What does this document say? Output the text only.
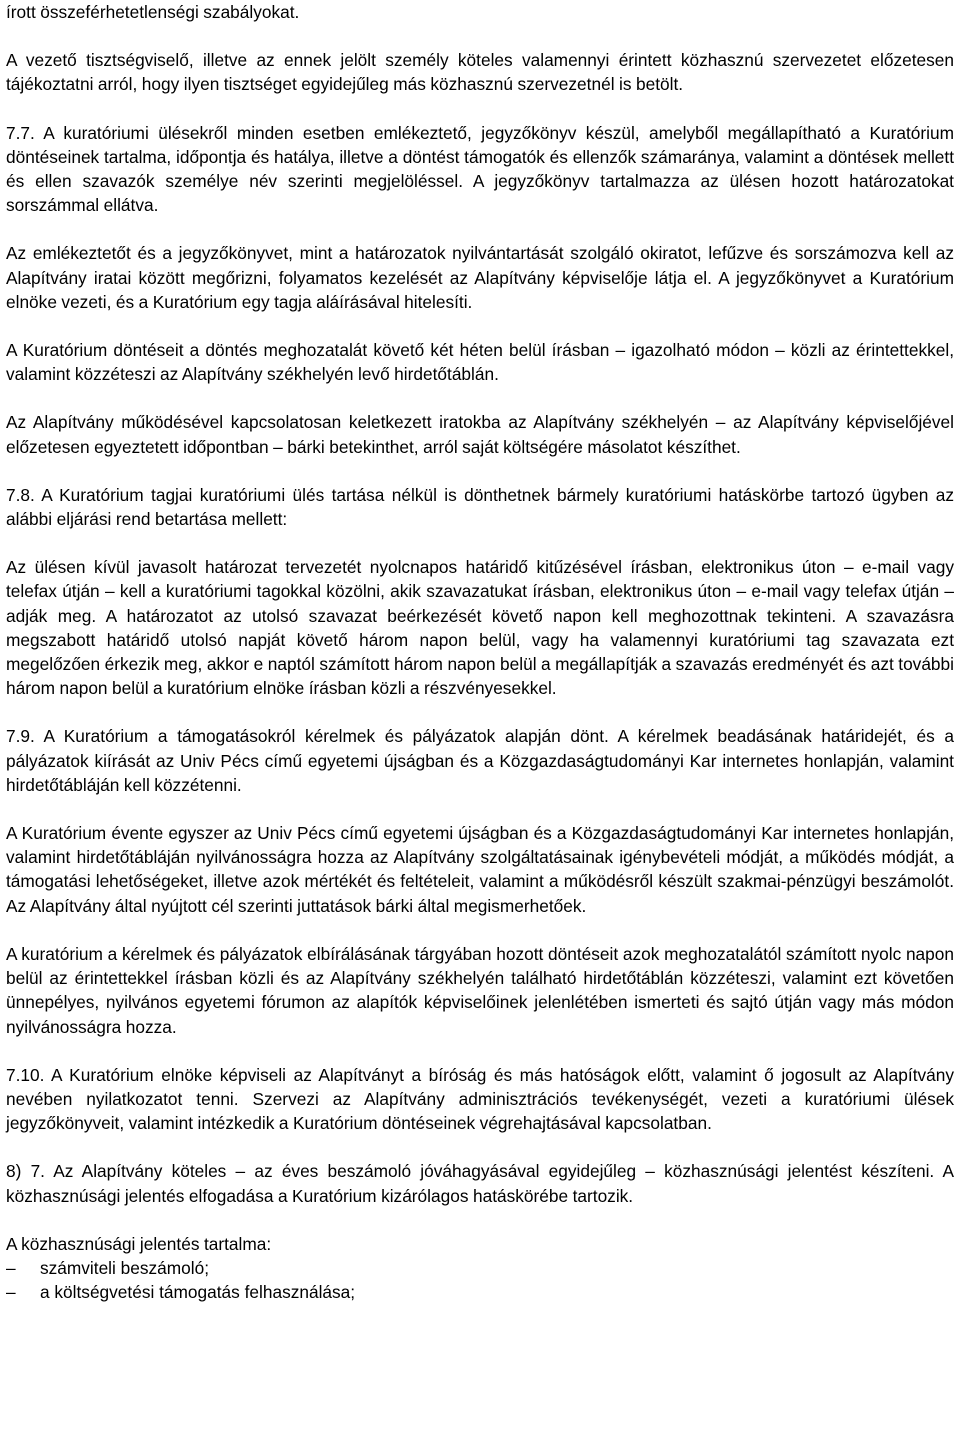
írott összeférhetetlenségi szabályokat.

A vezető tisztségviselő, illetve az ennek jelölt személy köteles valamennyi érintett közhasznú szervezetet előzetesen tájékoztatni arról, hogy ilyen tisztséget egyidejűleg más közhasznú szervezetnél is betölt.

7.7. A kuratóriumi ülésekről minden esetben emlékeztető, jegyzőkönyv készül, amelyből megállapítható a Kuratórium döntéseinek tartalma, időpontja és hatálya, illetve a döntést támogatók és ellenzők számaránya, valamint a döntések mellett és ellen szavazók személye név szerinti megjelöléssel. A jegyzőkönyv tartalmazza az ülésen hozott határozatokat sorszámmal ellátva.

Az emlékeztetőt és a jegyzőkönyvet, mint a határozatok nyilvántartását szolgáló okiratot, lefűzve és sorszámozva kell az Alapítvány iratai között megőrizni, folyamatos kezelését az Alapítvány képviselője látja el. A jegyzőkönyvet a Kuratórium elnöke vezeti, és a Kuratórium egy tagja aláírásával hitelesíti.

A Kuratórium döntéseit a döntés meghozatalát követő két héten belül írásban – igazolható módon – közli az érintettekkel, valamint közzéteszi az Alapítvány székhelyén levő hirdetőtáblán.

Az Alapítvány működésével kapcsolatosan keletkezett iratokba az Alapítvány székhelyén – az Alapítvány képviselőjével előzetesen egyeztetett időpontban – bárki betekinthet, arról saját költségére másolatot készíthet.

7.8. A Kuratórium tagjai kuratóriumi ülés tartása nélkül is dönthetnek bármely kuratóriumi hatáskörbe tartozó ügyben az alábbi eljárási rend betartása mellett:

Az ülésen kívül javasolt határozat tervezetét nyolcnapos határidő kitűzésével írásban, elektronikus úton – e-mail vagy telefax útján – kell a kuratóriumi tagokkal közölni, akik szavazatukat írásban, elektronikus úton – e-mail vagy telefax útján – adják meg. A határozatot az utolsó szavazat beérkezését követő napon kell meghozottnak tekinteni. A szavazásra megszabott határidő utolsó napját követő három napon belül, vagy ha valamennyi kuratóriumi tag szavazata ezt megelőzően érkezik meg, akkor e naptól számított három napon belül a megállapítják a szavazás eredményét és azt további három napon belül a kuratórium elnöke írásban közli a részvényesekkel.

7.9. A Kuratórium a támogatásokról kérelmek és pályázatok alapján dönt. A kérelmek beadásának határidejét, és a pályázatok kiírását az Univ Pécs című egyetemi újságban és a Közgazdaságtudományi Kar internetes honlapján, valamint hirdetőtábláján kell közzétenni.

A Kuratórium évente egyszer az Univ Pécs című egyetemi újságban és a Közgazdaságtudományi Kar internetes honlapján, valamint hirdetőtábláján nyilvánosságra hozza az Alapítvány szolgáltatásainak igénybevételi módját, a működés módját, a támogatási lehetőségeket, illetve azok mértékét és feltételeit, valamint a működésről készült szakmai-pénzügyi beszámolót. Az Alapítvány által nyújtott cél szerinti juttatások bárki által megismerhetőek.

A kuratórium a kérelmek és pályázatok elbírálásának tárgyában hozott döntéseit azok meghozatalától számított nyolc napon belül az érintettekkel írásban közli és az Alapítvány székhelyén található hirdetőtáblán közzéteszi, valamint ezt követően ünnepélyes, nyilvános egyetemi fórumon az alapítók képviselőinek jelenlétében ismerteti és sajtó útján vagy más módon nyilvánosságra hozza.

7.10. A Kuratórium elnöke képviseli az Alapítványt a bíróság és más hatóságok előtt, valamint ő jogosult az Alapítvány nevében nyilatkozatot tenni. Szervezi az Alapítvány adminisztrációs tevékenységét, vezeti a kuratóriumi ülések jegyzőkönyveit, valamint intézkedik a Kuratórium döntéseinek végrehajtásával kapcsolatban.

8) 7. Az Alapítvány köteles – az éves beszámoló jóváhagyásával egyidejűleg – közhasznúsági jelentést készíteni. A közhasznúsági jelentés elfogadása a Kuratórium kizárólagos hatáskörébe tartozik.

A közhasznúsági jelentés tartalma:

–	számviteli beszámoló;
–	a költségvetési támogatás felhasználása;
